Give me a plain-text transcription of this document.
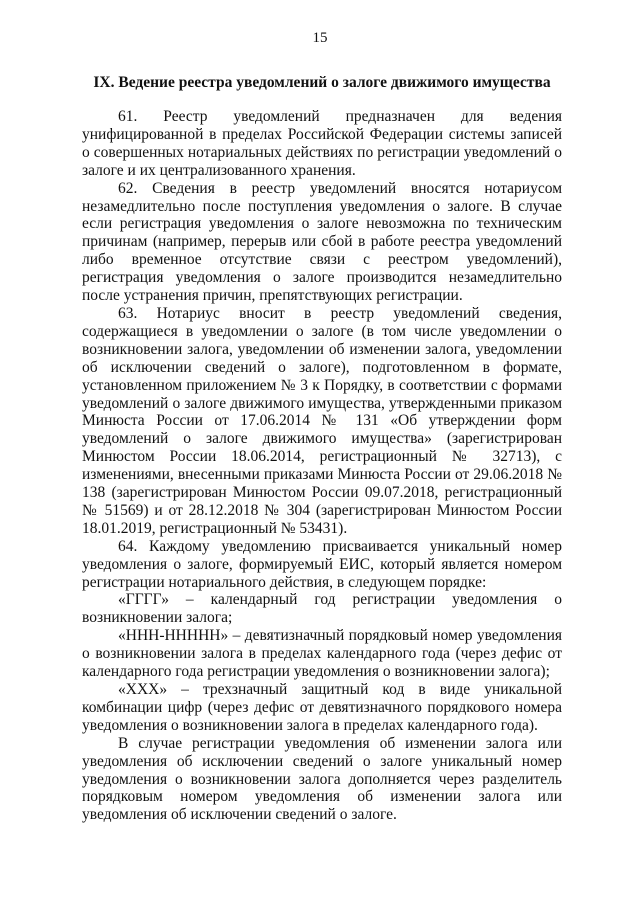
15
IX. Ведение реестра уведомлений о залоге движимого имущества

61. Реестр уведомлений предназначен для ведения унифицированной в пределах Российской Федерации системы записей о совершенных нотариальных действиях по регистрации уведомлений о залоге и их централизованного хранения.

62. Сведения в реестр уведомлений вносятся нотариусом незамедлительно после поступления уведомления о залоге. В случае если регистрация уведомления о залоге невозможна по техническим причинам (например, перерыв или сбой в работе реестра уведомлений либо временное отсутствие связи с реестром уведомлений), регистрация уведомления о залоге производится незамедлительно после устранения причин, препятствующих регистрации.

63. Нотариус вносит в реестр уведомлений сведения, содержащиеся в уведомлении о залоге (в том числе уведомлении о возникновении залога, уведомлении об изменении залога, уведомлении об исключении сведений о залоге), подготовленном в формате, установленном приложением № 3 к Порядку, в соответствии с формами уведомлений о залоге движимого имущества, утвержденными приказом Минюста России от 17.06.2014 № 131 «Об утверждении форм уведомлений о залоге движимого имущества» (зарегистрирован Минюстом России 18.06.2014, регистрационный № 32713), с изменениями, внесенными приказами Минюста России от 29.06.2018 № 138 (зарегистрирован Минюстом России 09.07.2018, регистрационный № 51569) и от 28.12.2018 № 304 (зарегистрирован Минюстом России 18.01.2019, регистрационный № 53431).

64. Каждому уведомлению присваивается уникальный номер уведомления о залоге, формируемый ЕИС, который является номером регистрации нотариального действия, в следующем порядке:

«ГГГГ» – календарный год регистрации уведомления о возникновении залога;

«ННН-ННННН» – девятизначный порядковый номер уведомления о возникновении залога в пределах календарного года (через дефис от календарного года регистрации уведомления о возникновении залога);

«ХХХ» – трехзначный защитный код в виде уникальной комбинации цифр (через дефис от девятизначного порядкового номера уведомления о возникновении залога в пределах календарного года).

В случае регистрации уведомления об изменении залога или уведомления об исключении сведений о залоге уникальный номер уведомления о возникновении залога дополняется через разделитель порядковым номером уведомления об изменении залога или уведомления об исключении сведений о залоге.
